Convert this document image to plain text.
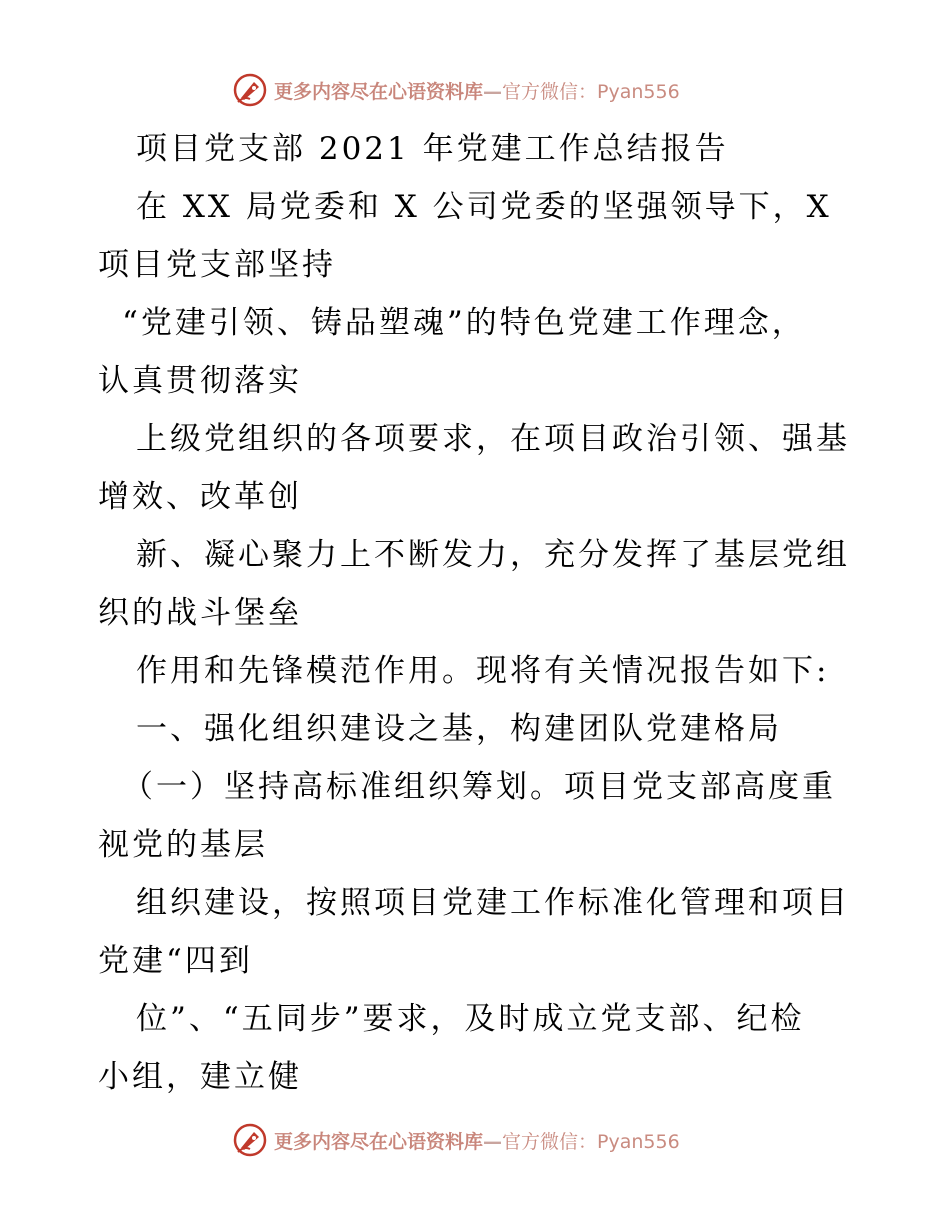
更多内容尽在心语资料库—官方微信：Pyan556
项目党支部 2021 年党建工作总结报告
在 XX 局党委和 X 公司党委的坚强领导下，X
项目党支部坚持
“党建引领、铸品塑魂”的特色党建工作理念，
认真贯彻落实
上级党组织的各项要求，在项目政治引领、强基
增效、改革创
新、凝心聚力上不断发力，充分发挥了基层党组
织的战斗堡垒
作用和先锋模范作用。现将有关情况报告如下:
一、强化组织建设之基，构建团队党建格局
（一）坚持高标准组织筹划。项目党支部高度重
视党的基层
组织建设，按照项目党建工作标准化管理和项目
党建“四到
位”、“五同步”要求，及时成立党支部、纪检
小组，建立健
更多内容尽在心语资料库—官方微信：Pyan556
